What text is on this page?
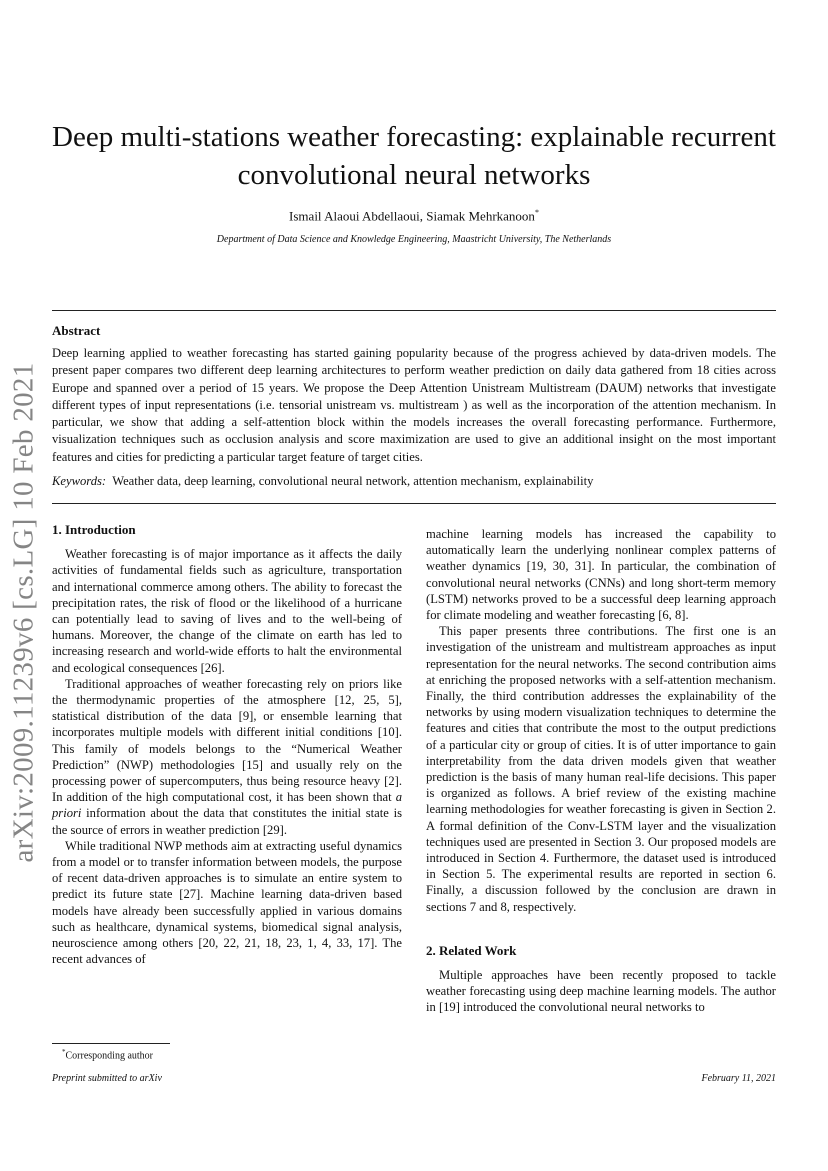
arXiv:2009.11239v6 [cs.LG] 10 Feb 2021
Deep multi-stations weather forecasting: explainable recurrent
convolutional neural networks
Ismail Alaoui Abdellaoui, Siamak Mehrkanoon*
Department of Data Science and Knowledge Engineering, Maastricht University, The Netherlands
Abstract
Deep learning applied to weather forecasting has started gaining popularity because of the progress achieved by data-driven models. The present paper compares two different deep learning architectures to perform weather prediction on daily data gathered from 18 cities across Europe and spanned over a period of 15 years. We propose the Deep Attention Unistream Multistream (DAUM) networks that investigate different types of input representations (i.e. tensorial unistream vs. multistream ) as well as the incorporation of the attention mechanism. In particular, we show that adding a self-attention block within the models increases the overall forecasting performance. Furthermore, visualization techniques such as occlusion analysis and score maximization are used to give an additional insight on the most important features and cities for predicting a particular target feature of target cities.
Keywords: Weather data, deep learning, convolutional neural network, attention mechanism, explainability
1. Introduction

Weather forecasting is of major importance as it affects the daily activities of fundamental fields such as agriculture, transportation and international commerce among others. The ability to forecast the precipitation rates, the risk of flood or the likelihood of a hurricane can potentially lead to saving of lives and to the well-being of humans. Moreover, the change of the climate on earth has led to increasing research and world-wide efforts to halt the environmental and ecological consequences [26].

Traditional approaches of weather forecasting rely on priors like the thermodynamic properties of the atmosphere [12, 25, 5], statistical distribution of the data [9], or ensemble learning that incorporates multiple models with different initial conditions [10]. This family of models belongs to the “Numerical Weather Prediction” (NWP) methodologies [15] and usually rely on the processing power of supercomputers, thus being resource heavy [2]. In addition of the high computational cost, it has been shown that a priori information about the data that constitutes the initial state is the source of errors in weather prediction [29].

While traditional NWP methods aim at extracting useful dynamics from a model or to transfer information between models, the purpose of recent data-driven approaches is to simulate an entire system to predict its future state [27]. Machine learning data-driven based models have already been successfully applied in various domains such as healthcare, dynamical systems, biomedical signal analysis, neuroscience among others [20, 22, 21, 18, 23, 1, 4, 33, 17]. The recent advances of

machine learning models has increased the capability to automatically learn the underlying nonlinear complex patterns of weather dynamics [19, 30, 31]. In particular, the combination of convolutional neural networks (CNNs) and long short-term memory (LSTM) networks proved to be a successful deep learning approach for climate modeling and weather forecasting [6, 8].

This paper presents three contributions. The first one is an investigation of the unistream and multistream approaches as input representation for the neural networks. The second contribution aims at enriching the proposed networks with a self-attention mechanism. Finally, the third contribution addresses the explainability of the networks by using modern visualization techniques to determine the features and cities that contribute the most to the output predictions of a particular city or group of cities. It is of utter importance to gain interpretability from the data driven models given that weather prediction is the basis of many human real-life decisions. This paper is organized as follows. A brief review of the existing machine learning methodologies for weather forecasting is given in Section 2. A formal definition of the Conv-LSTM layer and the visualization techniques used are presented in Section 3. Our proposed models are introduced in Section 4. Furthermore, the dataset used is introduced in Section 5. The experimental results are reported in section 6. Finally, a discussion followed by the conclusion are drawn in sections 7 and 8, respectively.

2. Related Work

Multiple approaches have been recently proposed to tackle weather forecasting using deep machine learning models. The author in [19] introduced the convolutional neural networks to

*Corresponding author
Preprint submitted to arXiv	February 11, 2021
